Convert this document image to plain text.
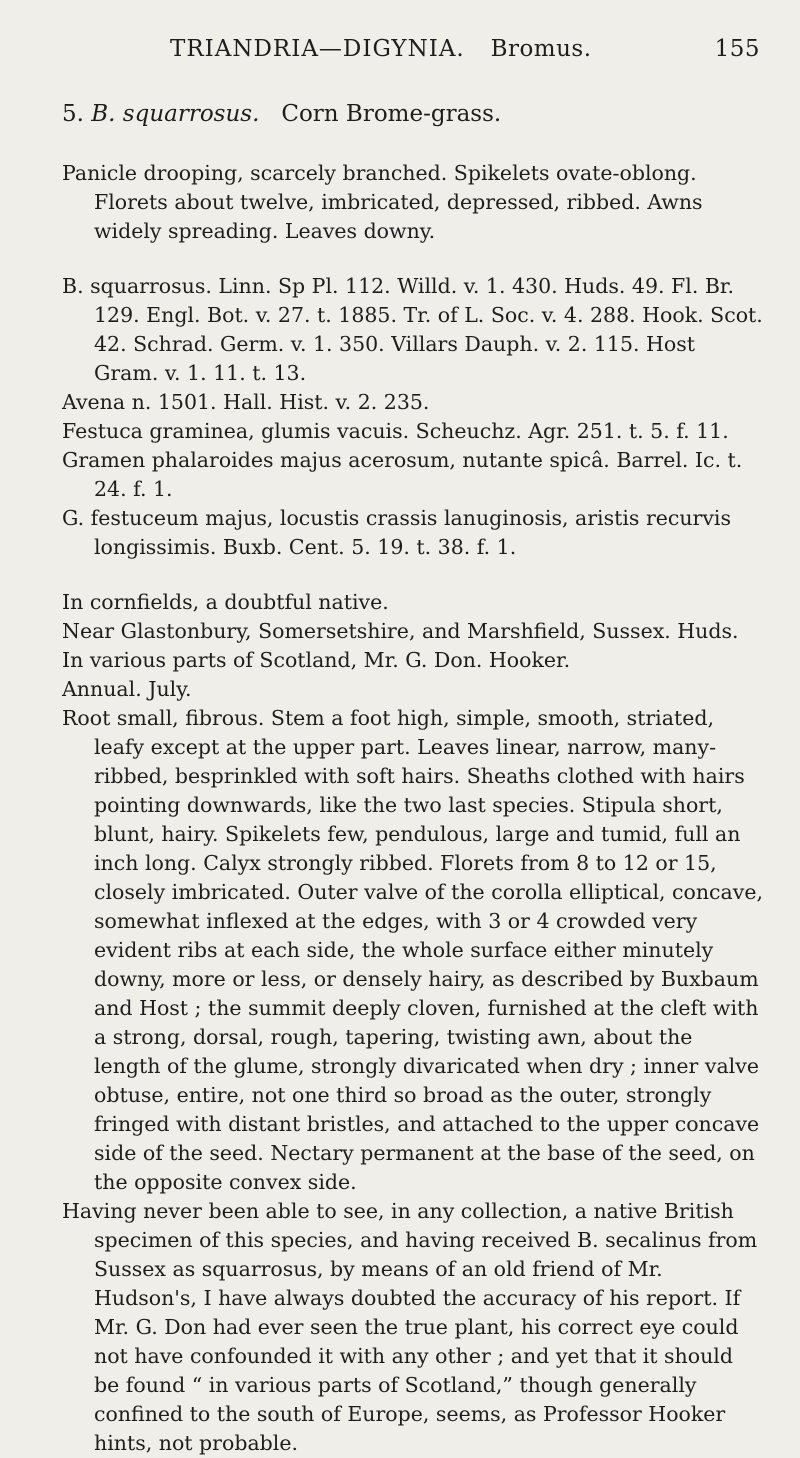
TRIANDRIA—DIGYNIA. Bromus.	155
5. B. squarrosus. Corn Brome-grass.

Panicle drooping, scarcely branched. Spikelets ovate-oblong. Florets about twelve, imbricated, depressed, ribbed. Awns widely spreading. Leaves downy.

B. squarrosus. Linn. Sp Pl. 112. Willd. v. 1. 430. Huds. 49. Fl. Br. 129. Engl. Bot. v. 27. t. 1885. Tr. of L. Soc. v. 4. 288. Hook. Scot. 42. Schrad. Germ. v. 1. 350. Villars Dauph. v. 2. 115. Host Gram. v. 1. 11. t. 13.

Avena n. 1501. Hall. Hist. v. 2. 235.

Festuca graminea, glumis vacuis. Scheuchz. Agr. 251. t. 5. f. 11.

Gramen phalaroides majus acerosum, nutante spicâ. Barrel. Ic. t. 24. f. 1.

G. festuceum majus, locustis crassis lanuginosis, aristis recurvis longissimis. Buxb. Cent. 5. 19. t. 38. f. 1.

In cornfields, a doubtful native.

Near Glastonbury, Somersetshire, and Marshfield, Sussex. Huds.

In various parts of Scotland, Mr. G. Don. Hooker.

Annual. July.

Root small, fibrous. Stem a foot high, simple, smooth, striated, leafy except at the upper part. Leaves linear, narrow, many-ribbed, besprinkled with soft hairs. Sheaths clothed with hairs pointing downwards, like the two last species. Stipula short, blunt, hairy. Spikelets few, pendulous, large and tumid, full an inch long. Calyx strongly ribbed. Florets from 8 to 12 or 15, closely imbricated. Outer valve of the corolla elliptical, concave, somewhat inflexed at the edges, with 3 or 4 crowded very evident ribs at each side, the whole surface either minutely downy, more or less, or densely hairy, as described by Buxbaum and Host ; the summit deeply cloven, furnished at the cleft with a strong, dorsal, rough, tapering, twisting awn, about the length of the glume, strongly divaricated when dry ; inner valve obtuse, entire, not one third so broad as the outer, strongly fringed with distant bristles, and attached to the upper concave side of the seed. Nectary permanent at the base of the seed, on the opposite convex side.

Having never been able to see, in any collection, a native British specimen of this species, and having received B. secalinus from Sussex as squarrosus, by means of an old friend of Mr. Hudson's, I have always doubted the accuracy of his report. If Mr. G. Don had ever seen the true plant, his correct eye could not have confounded it with any other ; and yet that it should be found “ in various parts of Scotland,” though generally confined to the south of Europe, seems, as Professor Hooker hints, not probable.
